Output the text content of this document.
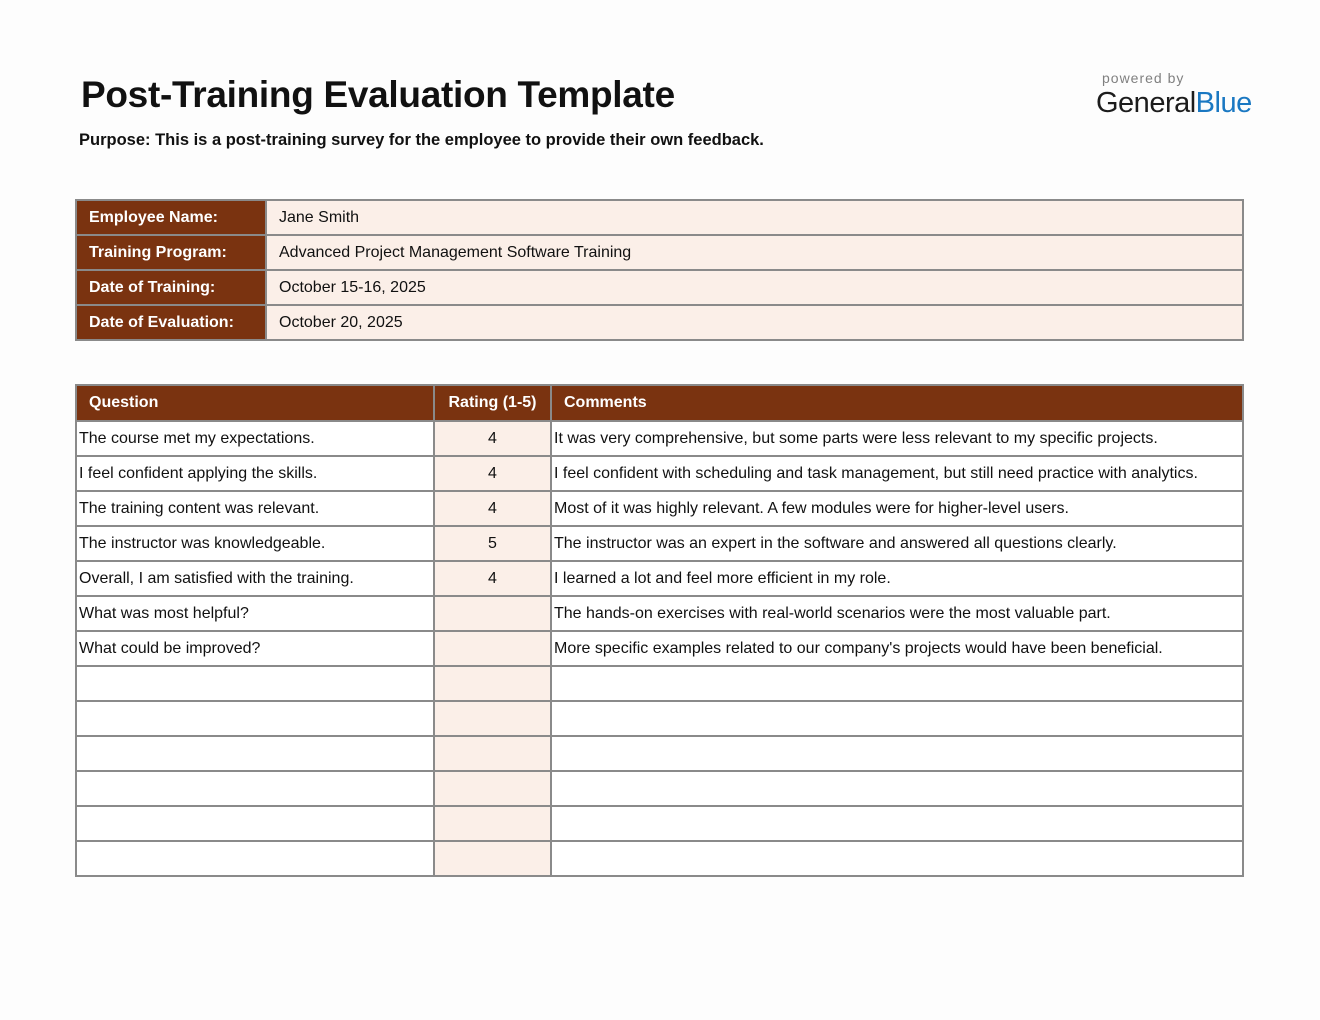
Post-Training Evaluation Template
Purpose: This is a post-training survey for the employee to provide their own feedback.
powered by
GeneralBlue
Employee Name:	Jane Smith
Training Program:	Advanced Project Management Software Training
Date of Training:	October 15-16, 2025
Date of Evaluation:	October 20, 2025
Question	Rating (1-5)	Comments
The course met my expectations.	4	It was very comprehensive, but some parts were less relevant to my specific projects.
I feel confident applying the skills.	4	I feel confident with scheduling and task management, but still need practice with analytics.
The training content was relevant.	4	Most of it was highly relevant. A few modules were for higher-level users.
The instructor was knowledgeable.	5	The instructor was an expert in the software and answered all questions clearly.
Overall, I am satisfied with the training.	4	I learned a lot and feel more efficient in my role.
What was most helpful?		The hands-on exercises with real-world scenarios were the most valuable part.
What could be improved?		More specific examples related to our company's projects would have been beneficial.
